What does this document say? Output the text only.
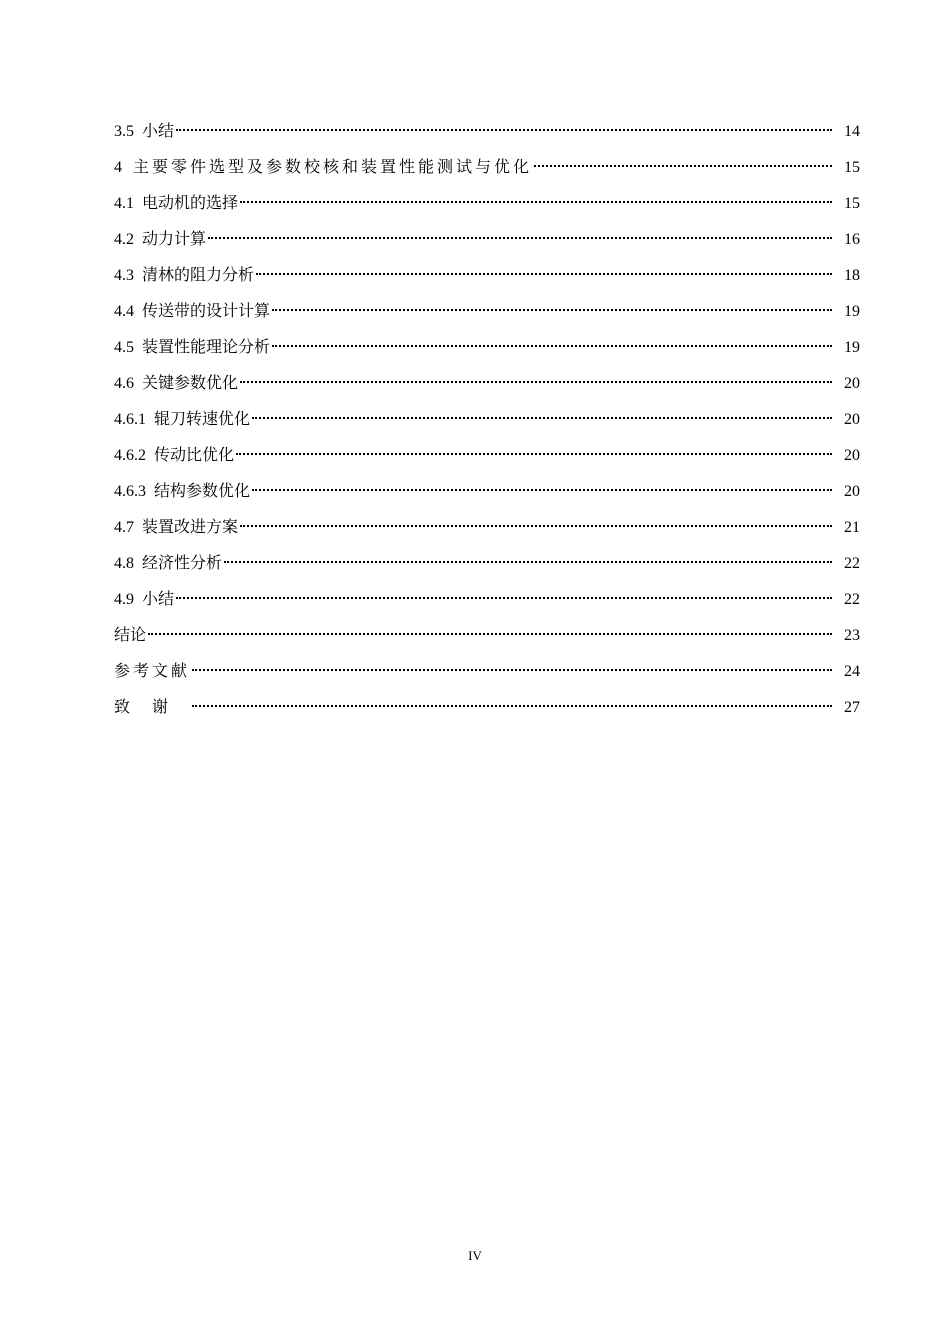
3.5 小结	14
4 主要零件选型及参数校核和装置性能测试与优化	15
4.1 电动机的选择	15
4.2 动力计算	16
4.3 清林的阻力分析	18
4.4 传送带的设计计算	19
4.5 装置性能理论分析	19
4.6 关键参数优化	20
4.6.1 辊刀转速优化	20
4.6.2 传动比优化	20
4.6.3 结构参数优化	20
4.7 装置改进方案	21
4.8 经济性分析	22
4.9 小结	22
结论	23
参考文献	24
致谢	27
IV
